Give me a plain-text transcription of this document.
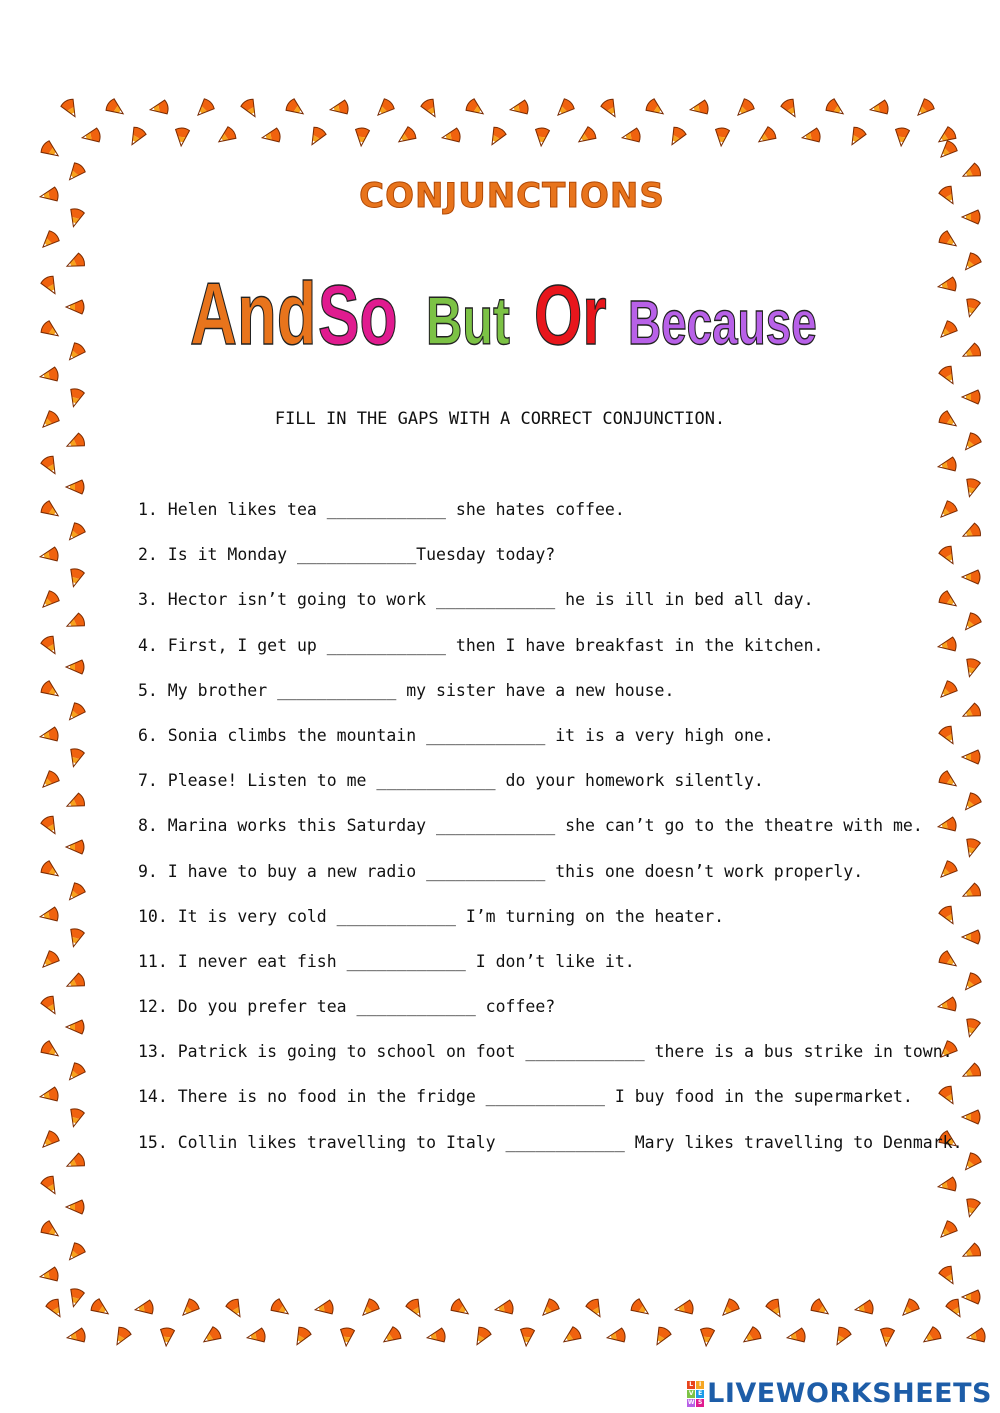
CONJUNCTIONS
And So But Or Because

FILL IN THE GAPS WITH A CORRECT CONJUNCTION.

1. Helen likes tea ____________ she hates coffee.
2. Is it Monday ____________Tuesday today?
3. Hector isn’t going to work ____________ he is ill in bed all day.
4. First, I get up ____________ then I have breakfast in the kitchen.
5. My brother ____________ my sister have a new house.
6. Sonia climbs the mountain ____________ it is a very high one.
7. Please! Listen to me ____________ do your homework silently.
8. Marina works this Saturday ____________ she can’t go to the theatre with me.
9. I have to buy a new radio ____________ this one doesn’t work properly.
10. It is very cold ____________ I’m turning on the heater.
11. I never eat fish ____________ I don’t like it.
12. Do you prefer tea ____________ coffee?
13. Patrick is going to school on foot ____________ there is a bus strike in town.
14. There is no food in the fridge ____________ I buy food in the supermarket.
15. Collin likes travelling to Italy ____________ Mary likes travelling to Denmark.
L I
V E
W S LIVEWORKSHEETS
